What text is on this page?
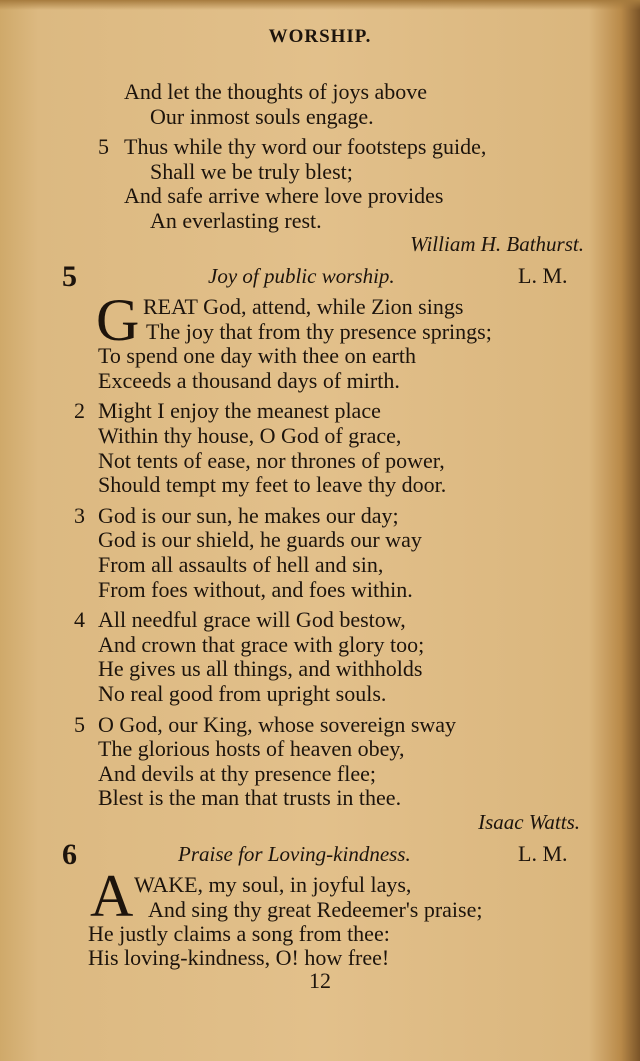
WORSHIP.
And let the thoughts of joys above
Our inmost souls engage.
5 Thus while thy word our footsteps guide,
Shall we be truly blest;
And safe arrive where love provides
An everlasting rest.
William H. Bathurst.
5	Joy of public worship.	L. M.
G REAT God, attend, while Zion sings
The joy that from thy presence springs;
To spend one day with thee on earth
Exceeds a thousand days of mirth.
2 Might I enjoy the meanest place
Within thy house, O God of grace,
Not tents of ease, nor thrones of power,
Should tempt my feet to leave thy door.
3 God is our sun, he makes our day;
God is our shield, he guards our way
From all assaults of hell and sin,
From foes without, and foes within.
4 All needful grace will God bestow,
And crown that grace with glory too;
He gives us all things, and withholds
No real good from upright souls.
5 O God, our King, whose sovereign sway
The glorious hosts of heaven obey,
And devils at thy presence flee;
Blest is the man that trusts in thee.
Isaac Watts.
6	Praise for Loving-kindness.	L. M.
A WAKE, my soul, in joyful lays,
And sing thy great Redeemer's praise;
He justly claims a song from thee:
His loving-kindness, O! how free!
12
